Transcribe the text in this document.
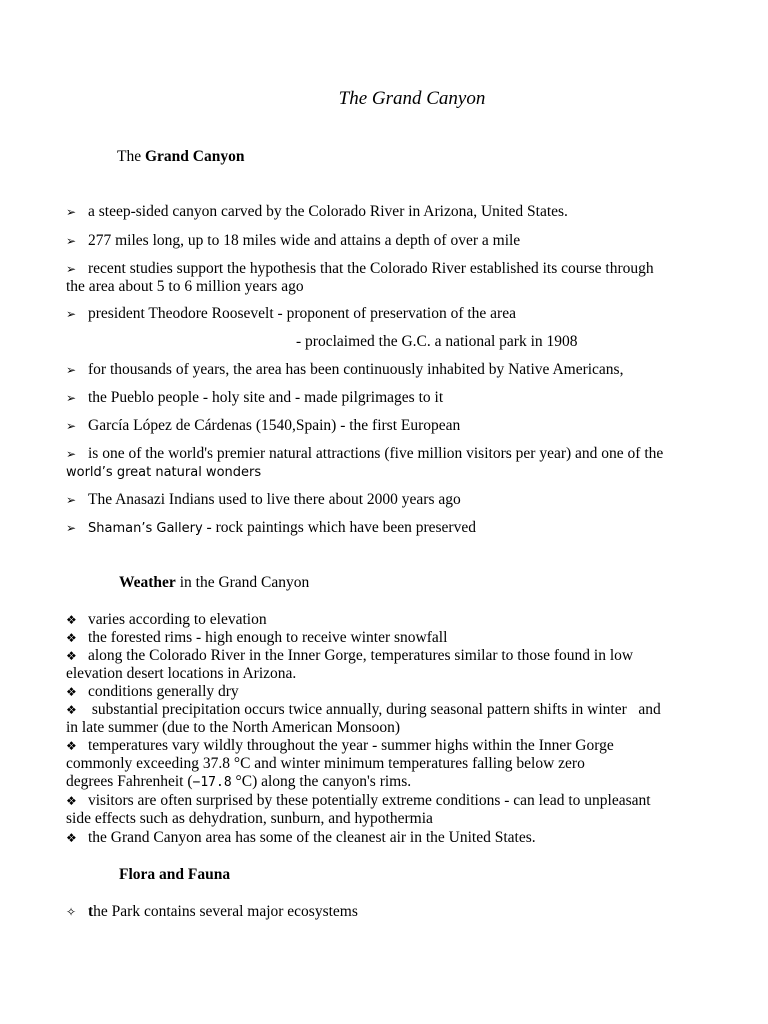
The Grand Canyon
The Grand Canyon
➢ a steep-sided canyon carved by the Colorado River in Arizona, United States.
➢ 277 miles long, up to 18 miles wide and attains a depth of over a mile
➢ recent studies support the hypothesis that the Colorado River established its course through
the area about 5 to 6 million years ago
➢ president Theodore Roosevelt - proponent of preservation of the area
- proclaimed the G.C. a national park in 1908
➢ for thousands of years, the area has been continuously inhabited by Native Americans,
➢ the Pueblo people - holy site and - made pilgrimages to it
➢ García López de Cárdenas (1540,Spain) - the first European
➢ is one of the world's premier natural attractions (five million visitors per year) and one of the
world’s great natural wonders
➢ The Anasazi Indians used to live there about 2000 years ago
➢ Shaman’s Gallery - rock paintings which have been preserved
Weather in the Grand Canyon
❖ varies according to elevation
❖ the forested rims - high enough to receive winter snowfall
❖ along the Colorado River in the Inner Gorge, temperatures similar to those found in low
elevation desert locations in Arizona.
❖ conditions generally dry
❖ substantial precipitation occurs twice annually, during seasonal pattern shifts in winter   and
in late summer (due to the North American Monsoon)
❖ temperatures vary wildly throughout the year - summer highs within the Inner Gorge
commonly exceeding 37.8 °C and winter minimum temperatures falling below zero
degrees Fahrenheit (−17.8 °C) along the canyon's rims.
❖ visitors are often surprised by these potentially extreme conditions - can lead to unpleasant
side effects such as dehydration, sunburn, and hypothermia
❖ the Grand Canyon area has some of the cleanest air in the United States.
Flora and Fauna
✧ the Park contains several major ecosystems
